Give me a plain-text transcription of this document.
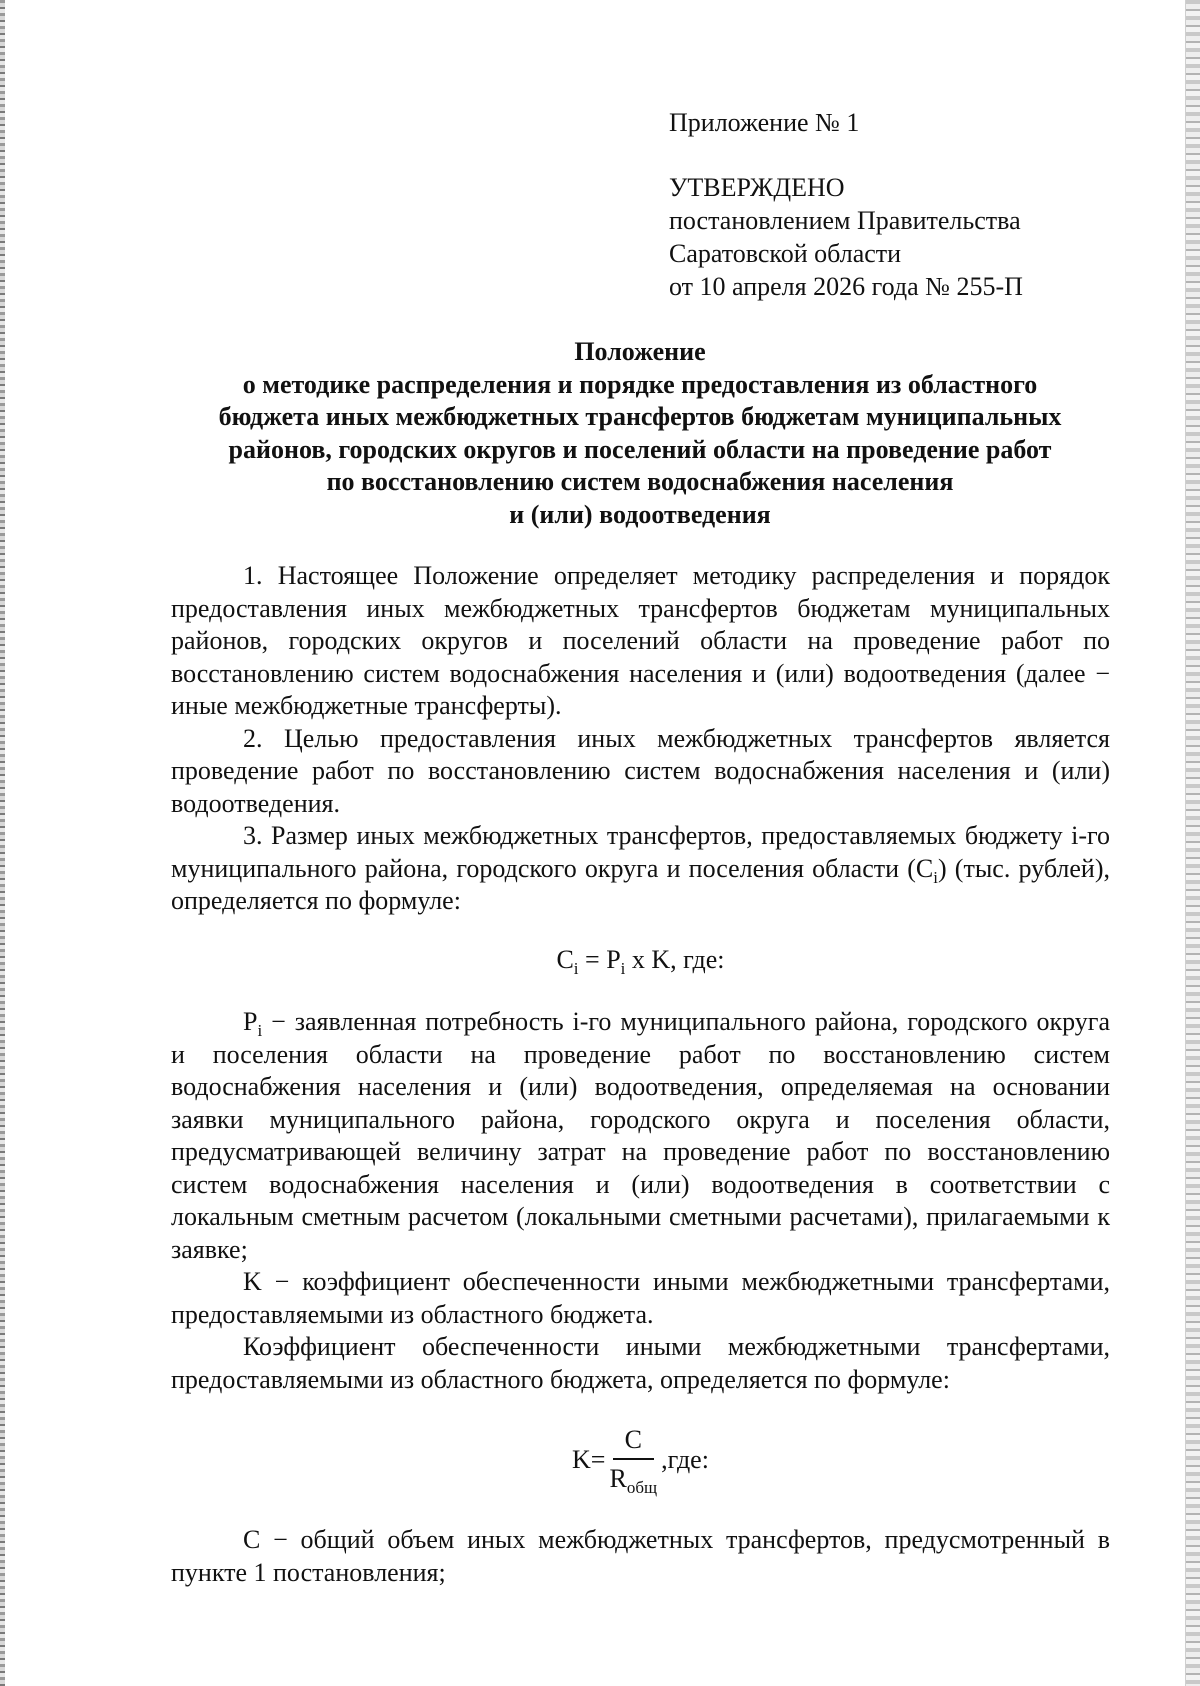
Приложение № 1
УТВЕРЖДЕНО
постановлением Правительства
Саратовской области
от 10 апреля 2026 года № 255-П
Положение
о методике распределения и порядке предоставления из областного
бюджета иных межбюджетных трансфертов бюджетам муниципальных
районов, городских округов и поселений области на проведение работ
по восстановлению систем водоснабжения населения
и (или) водоотведения

1. Настоящее Положение определяет методику распределения и порядок предоставления иных межбюджетных трансфертов бюджетам муниципальных районов, городских округов и поселений области на проведение работ по восстановлению систем водоснабжения населения и (или) водоотведения (далее − иные межбюджетные трансферты).

2. Целью предоставления иных межбюджетных трансфертов является проведение работ по восстановлению систем водоснабжения населения и (или) водоотведения.

3. Размер иных межбюджетных трансфертов, предоставляемых бюджету i-го муниципального района, городского округа и поселения области $(C_i)$ (тыс. рублей), определяется по формуле:

$C_i = P_i$ x K, где:

$P_i$ − заявленная потребность i-го муниципального района, городского округа и поселения области на проведение работ по восстановлению систем водоснабжения населения и (или) водоотведения, определяемая на основании заявки муниципального района, городского округа и поселения области, предусматривающей величину затрат на проведение работ по восстановлению систем водоснабжения населения и (или) водоотведения в соответствии с локальным сметным расчетом (локальными сметными расчетами), прилагаемыми к заявке;

K − коэффициент обеспеченности иными межбюджетными трансфертами, предоставляемыми из областного бюджета.

Коэффициент обеспеченности иными межбюджетными трансфертами, предоставляемыми из областного бюджета, определяется по формуле:

$K= \frac{C}{R_{общ}} ,где$:

C − общий объем иных межбюджетных трансфертов, предусмотренный в пункте 1 постановления;
